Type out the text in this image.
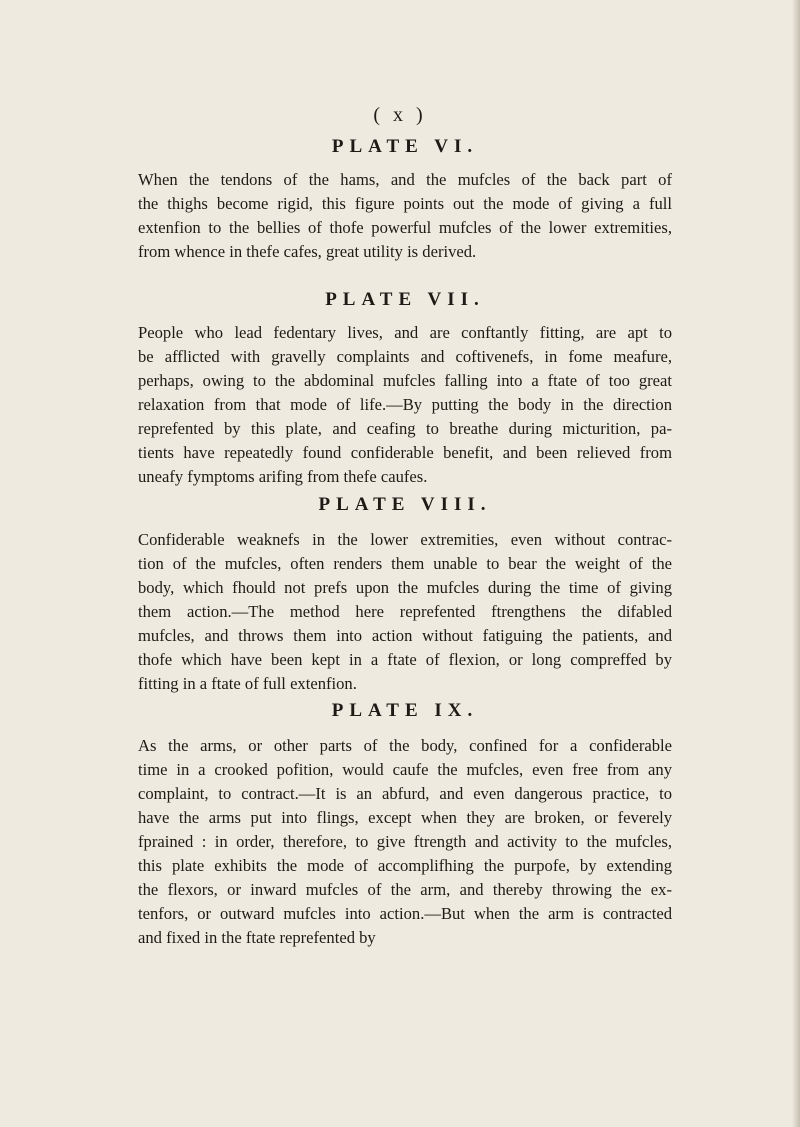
( x )
PLATE VI.

When the tendons of the hams, and the mufcles of the back part of
the thighs become rigid, this figure points out the mode of giving a full
extenfion to the bellies of thofe powerful mufcles of the lower extremities,
from whence in thefe cafes, great utility is derived.

PLATE VII.

People who lead fedentary lives, and are conftantly fitting, are apt to
be afflicted with gravelly complaints and coftivenefs, in fome meafure,
perhaps, owing to the abdominal mufcles falling into a ftate of too great
relaxation from that mode of life.—By putting the body in the direction
reprefented by this plate, and ceafing to breathe during micturition, pa-
tients have repeatedly found confiderable benefit, and been relieved from
uneafy fymptoms arifing from thefe caufes.

PLATE VIII.

Confiderable weaknefs in the lower extremities, even without contrac-
tion of the mufcles, often renders them unable to bear the weight of the
body, which fhould not prefs upon the mufcles during the time of giving
them action.—The method here reprefented ftrengthens the difabled
mufcles, and throws them into action without fatiguing the patients, and
thofe which have been kept in a ftate of flexion, or long compreffed by
fitting in a ftate of full extenfion.

PLATE IX.

As the arms, or other parts of the body, confined for a confiderable
time in a crooked pofition, would caufe the mufcles, even free from any
complaint, to contract.—It is an abfurd, and even dangerous practice, to
have the arms put into flings, except when they are broken, or feverely
fprained : in order, therefore, to give ftrength and activity to the mufcles,
this plate exhibits the mode of accomplifhing the purpofe, by extending
the flexors, or inward mufcles of the arm, and thereby throwing the ex-
tenfors, or outward mufcles into action.—But when the arm is contracted
and fixed in the ftate reprefented by
